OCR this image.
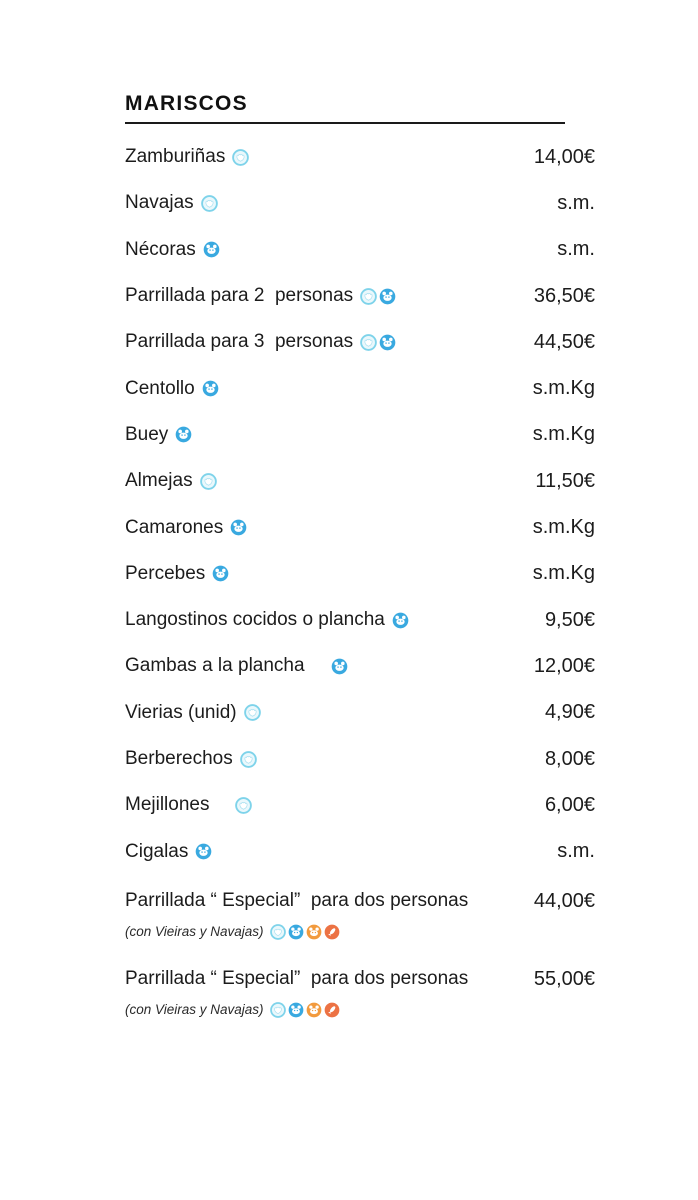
MARISCOS
Zamburiñas	14,00€
Navajas	s.m.
Nécoras	s.m.
Parrillada para 2  personas	36,50€
Parrillada para 3  personas	44,50€
Centollo	s.m.Kg
Buey	s.m.Kg
Almejas	11,50€
Camarones	s.m.Kg
Percebes	s.m.Kg
Langostinos cocidos o plancha	9,50€
Gambas a la plancha	12,00€
Vierias (unid)	4,90€
Berberechos	8,00€
Mejillones	6,00€
Cigalas	s.m.
Parrillada “ Especial”  para dos personas	44,00€
(con Vieiras y Navajas)
Parrillada “ Especial”  para dos personas	55,00€
(con Vieiras y Navajas)
